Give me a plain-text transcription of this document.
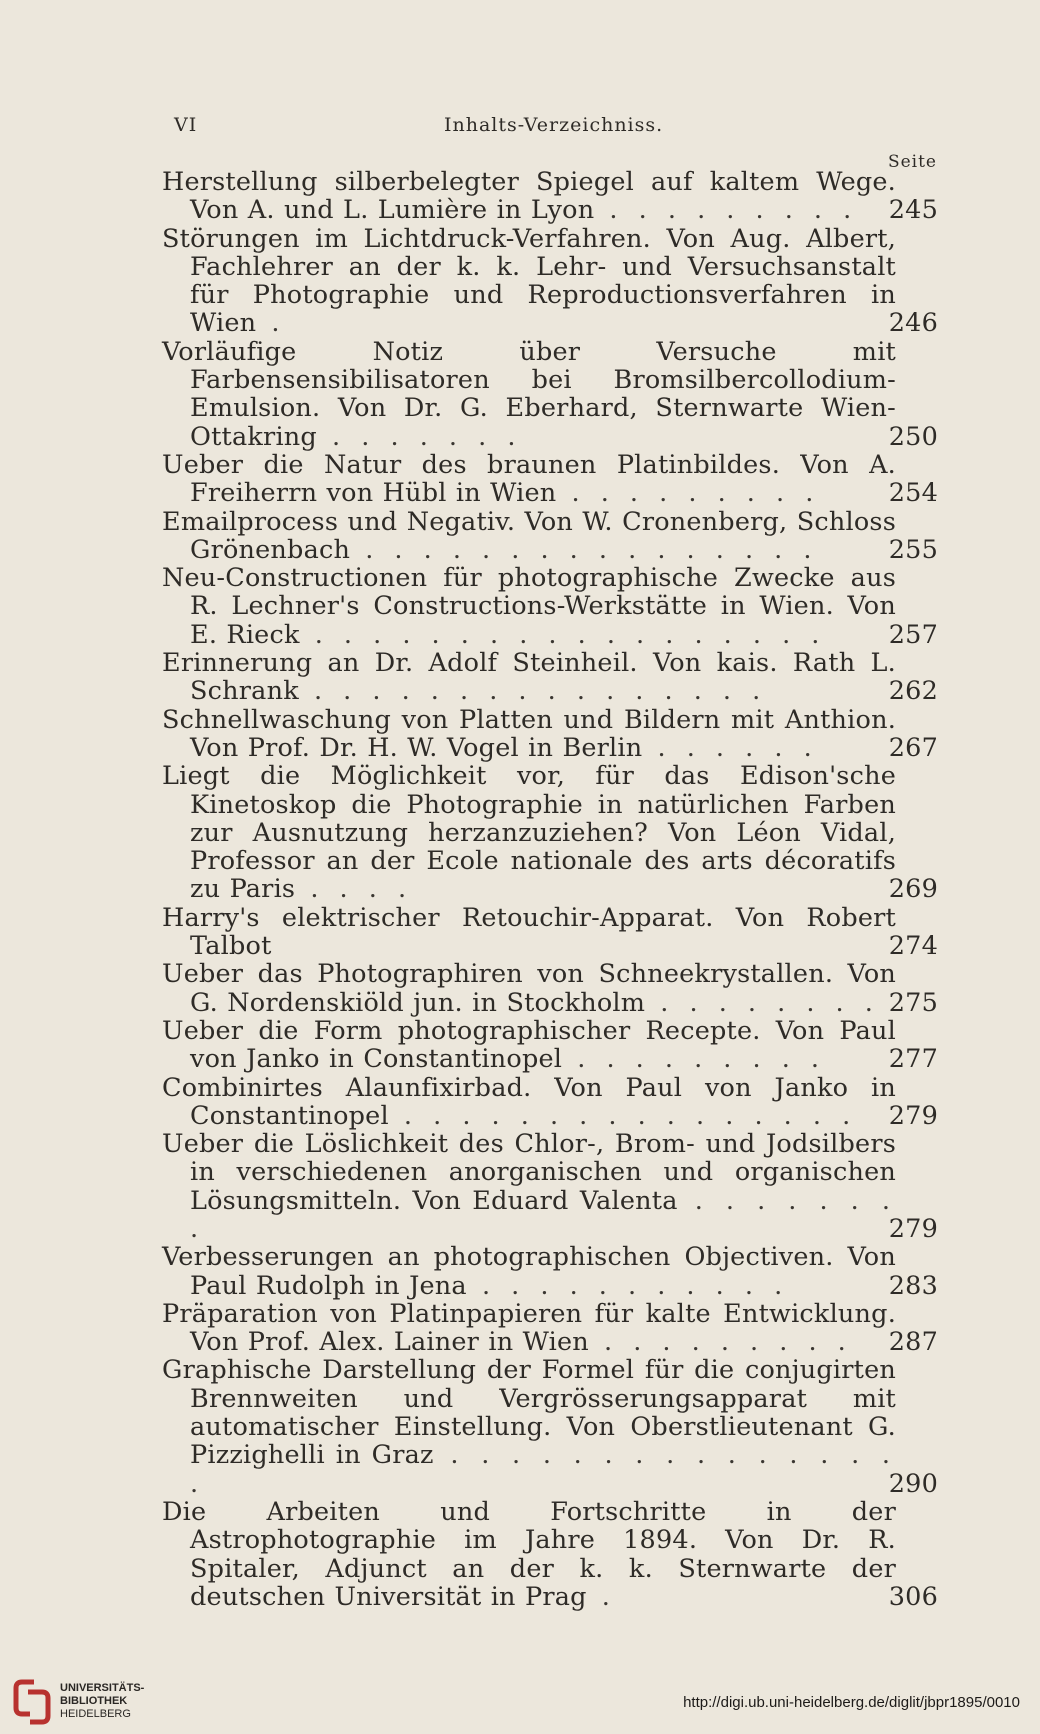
VI	Inhalts-Verzeichniss.
Seite
Herstellung silberbelegter Spiegel auf kaltem Wege. Von A. und L. Lumière in Lyon . . . . . . . . .	245
Störungen im Lichtdruck-Verfahren. Von Aug. Albert, Fachlehrer an der k. k. Lehr- und Versuchsanstalt für Photographie und Reproductionsverfahren in Wien .	246
Vorläufige Notiz über Versuche mit Farbensensibilisatoren bei Bromsilbercollodium-Emulsion. Von Dr. G. Eberhard, Sternwarte Wien-Ottakring . . . . . . .	250
Ueber die Natur des braunen Platinbildes. Von A. Freiherrn von Hübl in Wien . . . . . . . . .	254
Emailprocess und Negativ. Von W. Cronenberg, Schloss Grönenbach . . . . . . . . . . . . . . . .	255
Neu-Constructionen für photographische Zwecke aus R. Lechner's Constructions-Werkstätte in Wien. Von E. Rieck . . . . . . . . . . . . . . . . . .	257
Erinnerung an Dr. Adolf Steinheil. Von kais. Rath L. Schrank . . . . . . . . . . . . . . . .	262
Schnellwaschung von Platten und Bildern mit Anthion. Von Prof. Dr. H. W. Vogel in Berlin . . . . . .	267
Liegt die Möglichkeit vor, für das Edison'sche Kinetoskop die Photographie in natürlichen Farben zur Ausnutzung herzanzuziehen? Von Léon Vidal, Professor an der Ecole nationale des arts décoratifs zu Paris . . . .	269
Harry's elektrischer Retouchir-Apparat. Von Robert Talbot	274
Ueber das Photographiren von Schneekrystallen. Von G. Nordenskiöld jun. in Stockholm . . . . . . . . 275
Ueber die Form photographischer Recepte. Von Paul von Janko in Constantinopel . . . . . . . . .	277
Combinirtes Alaunfixirbad. Von Paul von Janko in Constantinopel . . . . . . . . . . . . . . . .	279
Ueber die Löslichkeit des Chlor-, Brom- und Jodsilbers in verschiedenen anorganischen und organischen Lösungsmitteln. Von Eduard Valenta . . . . . . . .	279
Verbesserungen an photographischen Objectiven. Von Paul Rudolph in Jena . . . . . . . . . . .	283
Präparation von Platinpapieren für kalte Entwicklung. Von Prof. Alex. Lainer in Wien . . . . . . . . .	287
Graphische Darstellung der Formel für die conjugirten Brennweiten und Vergrösserungsapparat mit automatischer Einstellung. Von Oberstlieutenant G. Pizzighelli in Graz . . . . . . . . . . . . . . . .	290
Die Arbeiten und Fortschritte in der Astrophotographie im Jahre 1894. Von Dr. R. Spitaler, Adjunct an der k. k. Sternwarte der deutschen Universität in Prag .	306
UNIVERSITÄTS-
BIBLIOTHEK
HEIDELBERG
http://digi.ub.uni-heidelberg.de/diglit/jbpr1895/0010
